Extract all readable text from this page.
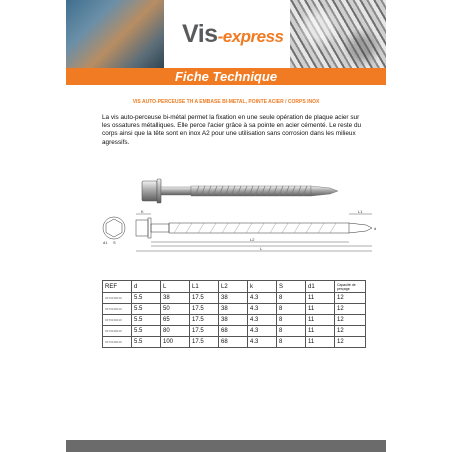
Vis-express
Fiche Technique
VIS AUTO-PERCEUSE TH A EMBASE BI-METAL, POINTE ACIER / CORPS INOX
La vis auto-perceuse bi-métal permet la fixation en une seule opération de plaque acier sur les ossatures métalliques. Elle perce l'acier grâce à sa pointe en acier cémenté. Le reste du corps ainsi que la tête sont en inox A2 pour une utilisation sans corrosion dans les milieux agressifs.
d1 S
K
L2
L1
L
d
REF	d	L	L1	L2	k	S	d1	Capacité de perçage
0370130010	5.5	38	17.5	38	4.3	8	11	12
0370130010	5.5	50	17.5	38	4.3	8	11	12
0370130010	5.5	65	17.5	38	4.3	8	11	12
0370130010	5.5	80	17.5	68	4.3	8	11	12
0370130010	5.5	100	17.5	68	4.3	8	11	12
